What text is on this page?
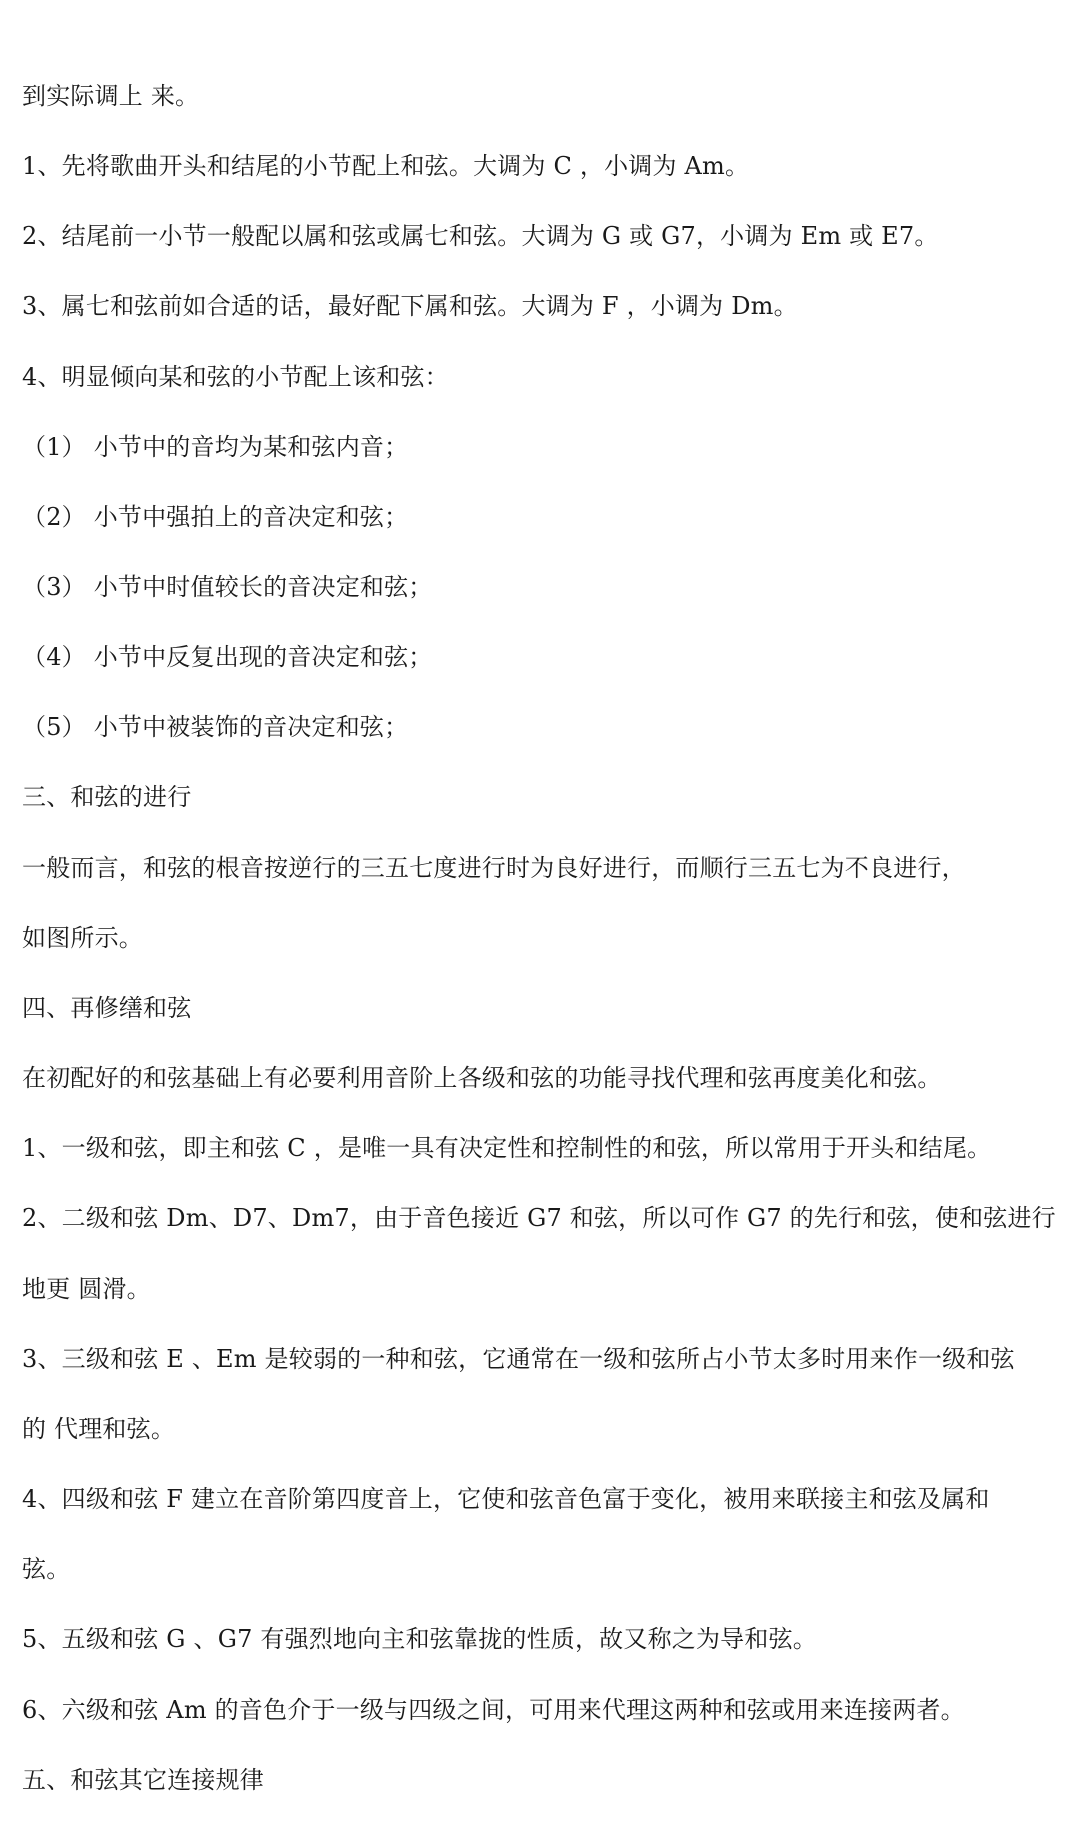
到实际调上 来。
1、先将歌曲开头和结尾的小节配上和弦。大调为 C ，小调为 Am。
2、结尾前一小节一般配以属和弦或属七和弦。大调为 G 或 G7，小调为 Em 或 E7。
3、属七和弦前如合适的话，最好配下属和弦。大调为 F ，小调为 Dm。
4、明显倾向某和弦的小节配上该和弦：
（1） 小节中的音均为某和弦内音；
（2） 小节中强拍上的音决定和弦；
（3） 小节中时值较长的音决定和弦；
（4） 小节中反复出现的音决定和弦；
（5） 小节中被装饰的音决定和弦；
三、和弦的进行
一般而言，和弦的根音按逆行的三五七度进行时为良好进行，而顺行三五七为不良进行，
如图所示。
四、再修缮和弦
在初配好的和弦基础上有必要利用音阶上各级和弦的功能寻找代理和弦再度美化和弦。
1、一级和弦，即主和弦 C ，是唯一具有决定性和控制性的和弦，所以常用于开头和结尾。
2、二级和弦 Dm、D7、Dm7，由于音色接近 G7 和弦，所以可作 G7 的先行和弦，使和弦进行
地更 圆滑。
3、三级和弦 E 、Em 是较弱的一种和弦，它通常在一级和弦所占小节太多时用来作一级和弦
的 代理和弦。
4、四级和弦 F 建立在音阶第四度音上，它使和弦音色富于变化，被用来联接主和弦及属和
弦。
5、五级和弦 G 、G7 有强烈地向主和弦靠拢的性质，故又称之为导和弦。
6、六级和弦 Am 的音色介于一级与四级之间，可用来代理这两种和弦或用来连接两者。
五、和弦其它连接规律
